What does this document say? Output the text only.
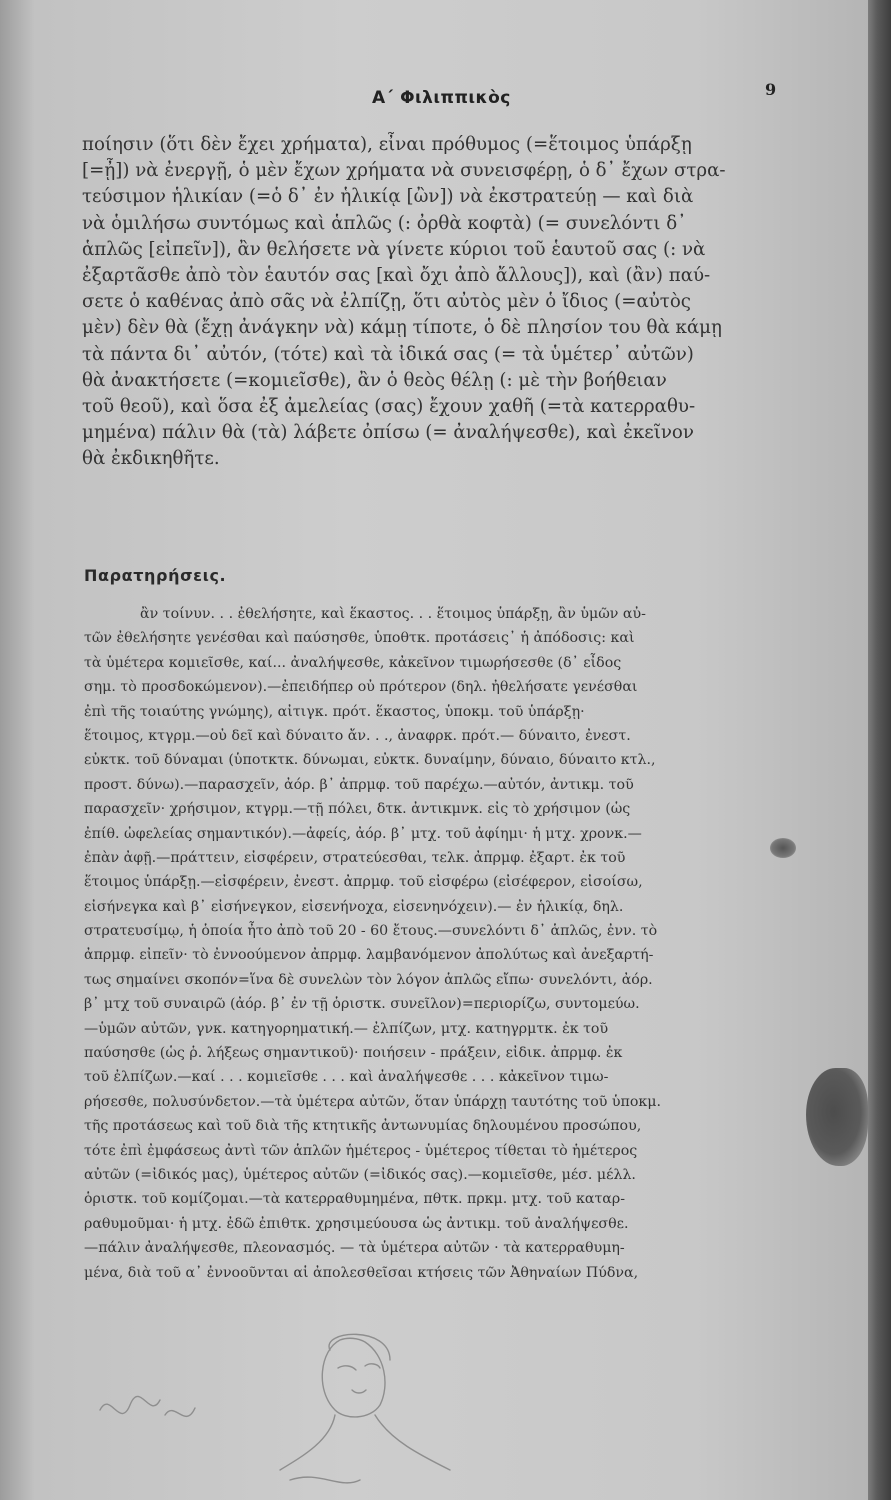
Α΄ Φιλιππικὸς	9
ποίησιν (ὅτι δὲν ἔχει χρήματα), εἶναι πρόθυμος (=ἕτοιμος ὑπάρξῃ
[=ᾖ]) νὰ ἐνεργῇ, ὁ μὲν ἔχων χρήματα νὰ συνεισφέρῃ, ὁ δ᾽ ἔχων στρα-
τεύσιμον ἡλικίαν (=ὁ δ᾽ ἐν ἡλικίᾳ [ὢν]) νὰ ἐκστρατεύῃ — καὶ διὰ
νὰ ὁμιλήσω συντόμως καὶ ἁπλῶς (: ὀρθὰ κοφτὰ) (= συνελόντι δ᾽
ἁπλῶς [εἰπεῖν]), ἂν θελήσετε νὰ γίνετε κύριοι τοῦ ἑαυτοῦ σας (: νὰ
ἐξαρτᾶσθε ἀπὸ τὸν ἑαυτόν σας [καὶ ὄχι ἀπὸ ἄλλους]), καὶ (ἂν) παύ-
σετε ὁ καθένας ἀπὸ σᾶς νὰ ἐλπίζῃ, ὅτι αὐτὸς μὲν ὁ ἴδιος (=αὐτὸς
μὲν) δὲν θὰ (ἔχῃ ἀνάγκην νὰ) κάμῃ τίποτε, ὁ δὲ πλησίον του θὰ κάμῃ
τὰ πάντα δι᾽ αὐτόν, (τότε) καὶ τὰ ἰδικά σας (= τὰ ὑμέτερ᾽ αὐτῶν)
θὰ ἀνακτήσετε (=κομιεῖσθε), ἂν ὁ θεὸς θέλῃ (: μὲ τὴν βοήθειαν
τοῦ θεοῦ), καὶ ὅσα ἐξ ἀμελείας (σας) ἔχουν χαθῆ (=τὰ κατερραθυ-
μημένα) πάλιν θὰ (τὰ) λάβετε ὀπίσω (= ἀναλήψεσθε), καὶ ἐκεῖνον
θὰ ἐκδικηθῆτε.
Παρατηρήσεις.
ἂν τοίνυν. . . ἐθελήσητε, καὶ ἕκαστος. . . ἕτοιμος ὑπάρξῃ, ἂν ὑμῶν αὐ-
τῶν ἐθελήσητε γενέσθαι καὶ παύσησθε, ὑποθτκ. προτάσεις᾽ ἡ ἀπόδοσις: καὶ
τὰ ὑμέτερα κομιεῖσθε, καί... ἀναλήψεσθε, κἀκεῖνον τιμωρήσεσθε (δ᾽ εἶδος
σημ. τὸ προσδοκώμενον).—ἐπειδήπερ οὐ πρότερον (δηλ. ἠθελήσατε γενέσθαι
ἐπὶ τῆς τοιαύτης γνώμης), αἰτιγκ. πρότ. ἕκαστος, ὑποκμ. τοῦ ὑπάρξῃ·
ἕτοιμος, κτγρμ.—οὐ δεῖ καὶ δύναιτο ἄν. . ., ἀναφρκ. πρότ.— δύναιτο, ἐνεστ.
εὐκτκ. τοῦ δύναμαι (ὑποτκτκ. δύνωμαι, εὐκτκ. δυναίμην, δύναιο, δύναιτο κτλ.,
προστ. δύνω).—παρασχεῖν, ἀόρ. β᾽ ἀπρμφ. τοῦ παρέχω.—αὐτόν, ἀντικμ. τοῦ
παρασχεῖν· χρήσιμον, κτγρμ.—τῇ πόλει, δτκ. ἀντικμνκ. εἰς τὸ χρήσιμον (ὡς
ἐπίθ. ὠφελείας σημαντικόν).—ἀφείς, ἀόρ. β᾽ μτχ. τοῦ ἀφίημι· ἡ μτχ. χρονκ.—
ἐπὰν ἀφῇ.—πράττειν, εἰσφέρειν, στρατεύεσθαι, τελκ. ἀπρμφ. ἐξαρτ. ἐκ τοῦ
ἕτοιμος ὑπάρξῃ.—εἰσφέρειν, ἐνεστ. ἀπρμφ. τοῦ εἰσφέρω (εἰσέφερον, εἰσοίσω,
εἰσήνεγκα καὶ β᾽ εἰσήνεγκον, εἰσενήνοχα, εἰσενηνόχειν).— ἐν ἡλικίᾳ, δηλ.
στρατευσίμῳ, ἡ ὁποία ἦτο ἀπὸ τοῦ 20 - 60 ἔτους.—συνελόντι δ᾽ ἁπλῶς, ἐνν. τὸ
ἀπρμφ. εἰπεῖν· τὸ ἐννοούμενον ἀπρμφ. λαμβανόμενον ἀπολύτως καὶ ἀνεξαρτή-
τως σημαίνει σκοπόν=ἵνα δὲ συνελὼν τὸν λόγον ἁπλῶς εἴπω· συνελόντι, ἀόρ.
β᾽ μτχ τοῦ συναιρῶ (ἀόρ. β᾽ ἐν τῇ ὁριστκ. συνεῖλον)=περιορίζω, συντομεύω.
—ὑμῶν αὐτῶν, γνκ. κατηγορηματική.— ἐλπίζων, μτχ. κατηγρμτκ. ἐκ τοῦ
παύσησθε (ὡς ῥ. λήξεως σημαντικοῦ)· ποιήσειν - πράξειν, εἰδικ. ἀπρμφ. ἐκ
τοῦ ἐλπίζων.—καί . . . κομιεῖσθε . . . καὶ ἀναλήψεσθε . . . κἀκεῖνον τιμω-
ρήσεσθε, πολυσύνδετον.—τὰ ὑμέτερα αὐτῶν, ὅταν ὑπάρχῃ ταυτότης τοῦ ὑποκμ.
τῆς προτάσεως καὶ τοῦ διὰ τῆς κτητικῆς ἀντωνυμίας δηλουμένου προσώπου,
τότε ἐπὶ ἐμφάσεως ἀντὶ τῶν ἁπλῶν ἡμέτερος - ὑμέτερος τίθεται τὸ ἡμέτερος
αὐτῶν (=ἰδικός μας), ὑμέτερος αὐτῶν (=ἰδικός σας).—κομιεῖσθε, μέσ. μέλλ.
ὁριστκ. τοῦ κομίζομαι.—τὰ κατερραθυμημένα, πθτκ. πρκμ. μτχ. τοῦ καταρ-
ραθυμοῦμαι· ἡ μτχ. ἐδῶ ἐπιθτκ. χρησιμεύουσα ὡς ἀντικμ. τοῦ ἀναλήψεσθε.
—πάλιν ἀναλήψεσθε, πλεονασμός. — τὰ ὑμέτερα αὐτῶν · τὰ κατερραθυμη-
μένα, διὰ τοῦ α᾽ ἐννοοῦνται αἱ ἀπολεσθεῖσαι κτήσεις τῶν Ἀθηναίων Πύδνα,
